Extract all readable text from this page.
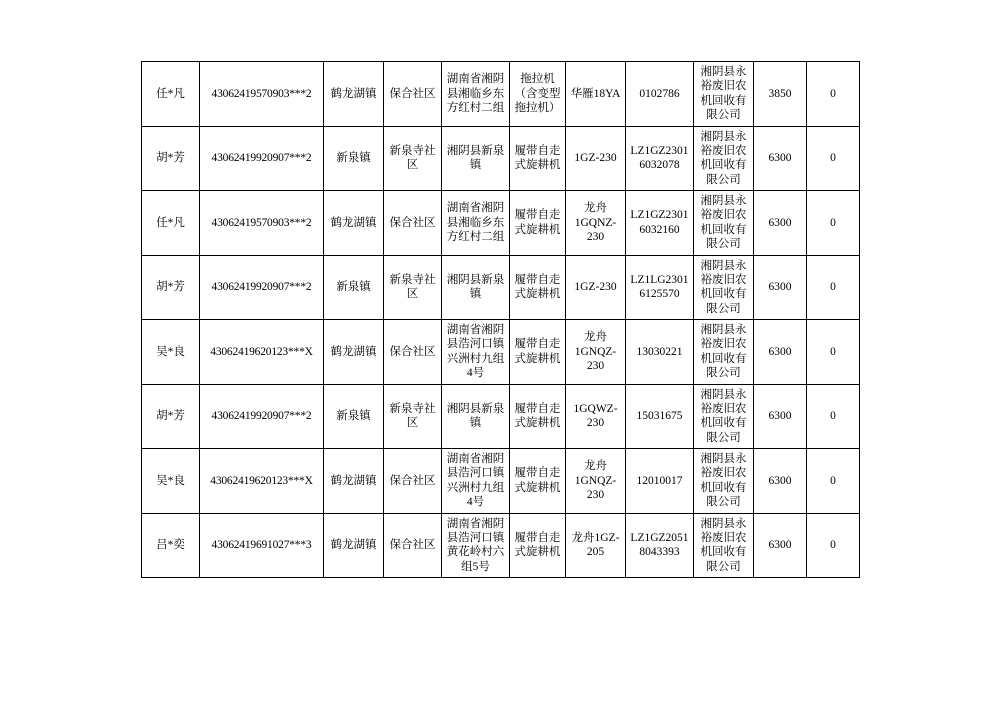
任*凡	43062419570903***2	鹤龙湖镇	保合社区	湖南省湘阴县湘临乡东方红村二组	拖拉机（含变型拖拉机）	华雁18YA	0102786	湘阴县永裕废旧农机回收有限公司	3850	0
胡*芳	43062419920907***2	新泉镇	新泉寺社区	湘阴县新泉镇	履带自走式旋耕机	1GZ-230	LZ1GZ23016032078	湘阴县永裕废旧农机回收有限公司	6300	0
任*凡	43062419570903***2	鹤龙湖镇	保合社区	湖南省湘阴县湘临乡东方红村二组	履带自走式旋耕机	龙舟1GQNZ-230	LZ1GZ23016032160	湘阴县永裕废旧农机回收有限公司	6300	0
胡*芳	43062419920907***2	新泉镇	新泉寺社区	湘阴县新泉镇	履带自走式旋耕机	1GZ-230	LZ1LG23016125570	湘阴县永裕废旧农机回收有限公司	6300	0
吴*良	43062419620123***X	鹤龙湖镇	保合社区	湖南省湘阴县浩河口镇兴洲村九组4号	履带自走式旋耕机	龙舟1GNQZ-230	13030221	湘阴县永裕废旧农机回收有限公司	6300	0
胡*芳	43062419920907***2	新泉镇	新泉寺社区	湘阴县新泉镇	履带自走式旋耕机	1GQWZ-230	15031675	湘阴县永裕废旧农机回收有限公司	6300	0
吴*良	43062419620123***X	鹤龙湖镇	保合社区	湖南省湘阴县浩河口镇兴洲村九组4号	履带自走式旋耕机	龙舟1GNQZ-230	12010017	湘阴县永裕废旧农机回收有限公司	6300	0
吕*奕	43062419691027***3	鹤龙湖镇	保合社区	湖南省湘阴县浩河口镇黄花岭村六组5号	履带自走式旋耕机	龙舟1GZ-205	LZ1GZ20518043393	湘阴县永裕废旧农机回收有限公司	6300	0
